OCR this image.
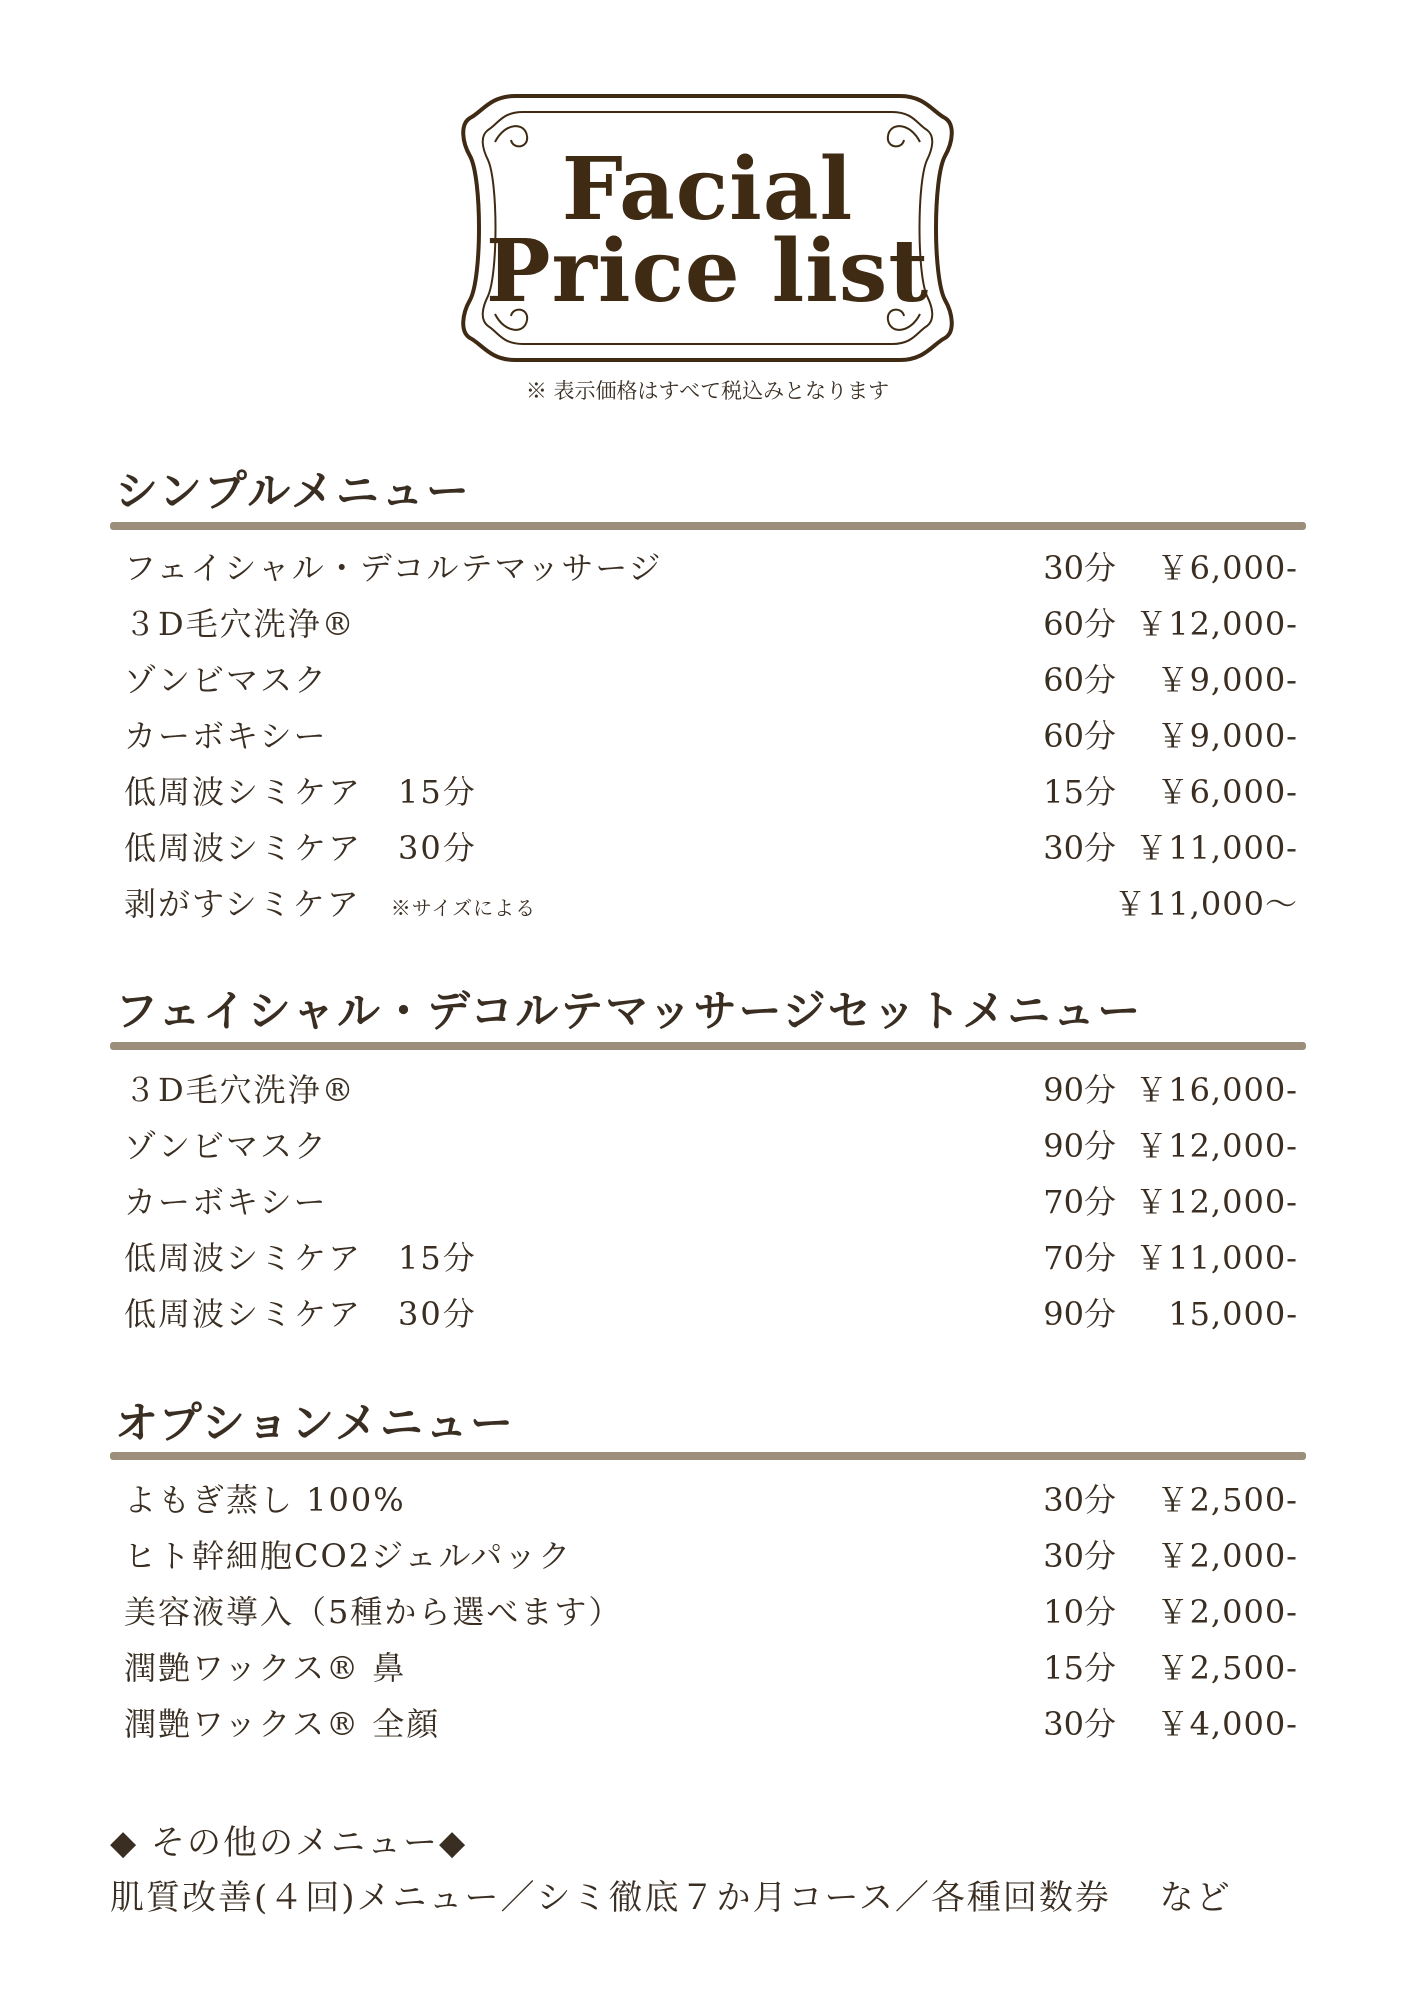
Facial
Price list
※ 表示価格はすべて税込みとなります
シンプルメニュー
フェイシャル・デコルテマッサージ	30分 ￥6,000-
３D毛穴洗浄®	60分 ￥12,000-
ゾンビマスク	60分 ￥9,000-
カーボキシー	60分 ￥9,000-
低周波シミケア 15分	15分 ￥6,000-
低周波シミケア 30分	30分 ￥11,000-
剥がすシミケア ※サイズによる	￥11,000～
フェイシャル・デコルテマッサージセットメニュー
３D毛穴洗浄®	90分 ￥16,000-
ゾンビマスク	90分 ￥12,000-
カーボキシー	70分 ￥12,000-
低周波シミケア 15分	70分 ￥11,000-
低周波シミケア 30分	90分 15,000-
オプションメニュー
よもぎ蒸し 100%	30分 ￥2,500-
ヒト幹細胞CO2ジェルパック	30分 ￥2,000-
美容液導入（5種から選べます）	10分 ￥2,000-
潤艶ワックス® 鼻	15分 ￥2,500-
潤艶ワックス® 全顔	30分 ￥4,000-
◆ その他のメニュー◆
肌質改善(４回)メニュー／シミ徹底７か月コース／各種回数券　 など
